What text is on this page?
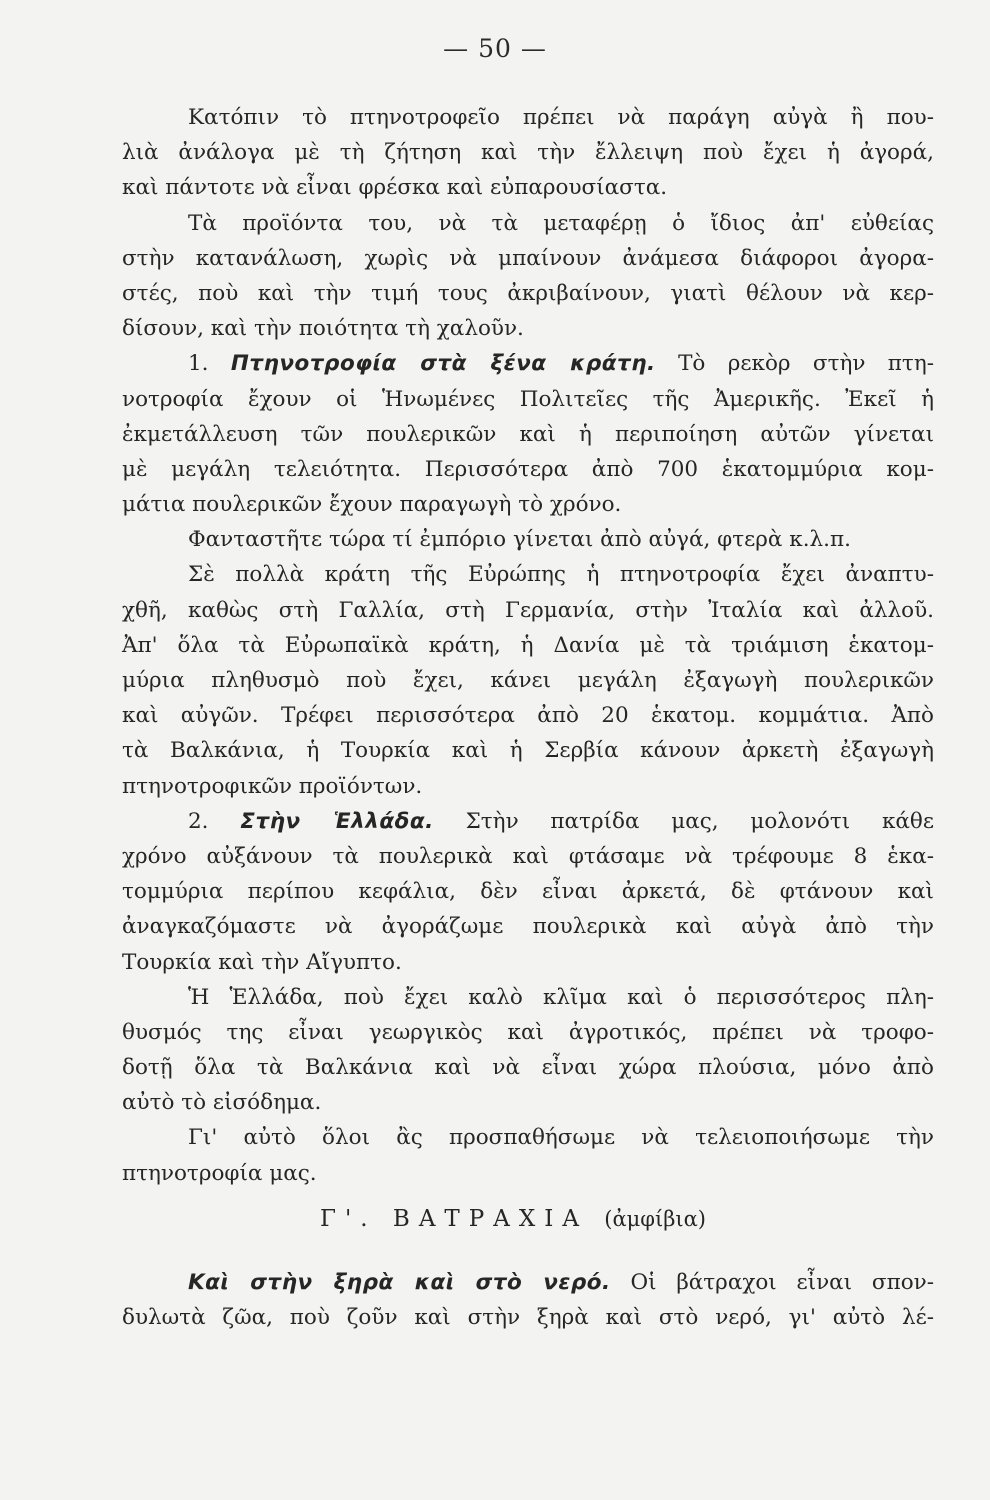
— 50 —
Κατόπιν τὸ πτηνοτροφεῖο πρέπει νὰ παράγη αὐγὰ ἢ που-
λιὰ ἀνάλογα μὲ τὴ ζήτηση καὶ τὴν ἔλλειψη ποὺ ἔχει ἡ ἀγορά,
καὶ πάντοτε νὰ εἶναι φρέσκα καὶ εὐπαρουσίαστα.
Τὰ προϊόντα του, νὰ τὰ μεταφέρῃ ὁ ἴδιος ἀπ' εὐθείας
στὴν κατανάλωση, χωρὶς νὰ μπαίνουν ἀνάμεσα διάφοροι ἀγορα-
στές, ποὺ καὶ τὴν τιμή τους ἀκριβαίνουν, γιατὶ θέλουν νὰ κερ-
δίσουν, καὶ τὴν ποιότητα τὴ χαλοῦν.
1. Πτηνοτροφία στὰ ξένα κράτη. Τὸ ρεκὸρ στὴν πτη-
νοτροφία ἔχουν οἱ Ἡνωμένες Πολιτεῖες τῆς Ἀμερικῆς. Ἐκεῖ ἡ
ἐκμετάλλευση τῶν πουλερικῶν καὶ ἡ περιποίηση αὐτῶν γίνεται
μὲ μεγάλη τελειότητα. Περισσότερα ἀπὸ 700 ἑκατομμύρια κομ-
μάτια πουλερικῶν ἔχουν παραγωγὴ τὸ χρόνο.
Φανταστῆτε τώρα τί ἐμπόριο γίνεται ἀπὸ αὐγά, φτερὰ κ.λ.π.
Σὲ πολλὰ κράτη τῆς Εὐρώπης ἡ πτηνοτροφία ἔχει ἀναπτυ-
χθῆ, καθὼς στὴ Γαλλία, στὴ Γερμανία, στὴν Ἰταλία καὶ ἀλλοῦ.
Ἀπ' ὅλα τὰ Εὐρωπαϊκὰ κράτη, ἡ Δανία μὲ τὰ τριάμιση ἑκατομ-
μύρια πληθυσμὸ ποὺ ἔχει, κάνει μεγάλη ἐξαγωγὴ πουλερικῶν
καὶ αὐγῶν. Τρέφει περισσότερα ἀπὸ 20 ἑκατομ. κομμάτια. Ἀπὸ
τὰ Βαλκάνια, ἡ Τουρκία καὶ ἡ Σερβία κάνουν ἀρκετὴ ἐξαγωγὴ
πτηνοτροφικῶν προϊόντων.
2. Στὴν Ἑλλάδα. Στὴν πατρίδα μας, μολονότι κάθε
χρόνο αὐξάνουν τὰ πουλερικὰ καὶ φτάσαμε νὰ τρέφουμε 8 ἑκα-
τομμύρια περίπου κεφάλια, δὲν εἶναι ἀρκετά, δὲ φτάνουν καὶ
ἀναγκαζόμαστε νὰ ἀγοράζωμε πουλερικὰ καὶ αὐγὰ ἀπὸ τὴν
Τουρκία καὶ τὴν Αἴγυπτο.
Ἡ Ἑλλάδα, ποὺ ἔχει καλὸ κλῖμα καὶ ὁ περισσότερος πλη-
θυσμός της εἶναι γεωργικὸς καὶ ἀγροτικός, πρέπει νὰ τροφο-
δοτῇ ὅλα τὰ Βαλκάνια καὶ νὰ εἶναι χώρα πλούσια, μόνο ἀπὸ
αὐτὸ τὸ εἰσόδημα.
Γι' αὐτὸ ὅλοι ἂς προσπαθήσωμε νὰ τελειοποιήσωμε τὴν
πτηνοτροφία μας.
Γ'. ΒΑΤΡΑΧΙΑ (ἀμφίβια)
Καὶ στὴν ξηρὰ καὶ στὸ νερό. Οἱ βάτραχοι εἶναι σπον-
δυλωτὰ ζῶα, ποὺ ζοῦν καὶ στὴν ξηρὰ καὶ στὸ νερό, γι' αὐτὸ λέ-
